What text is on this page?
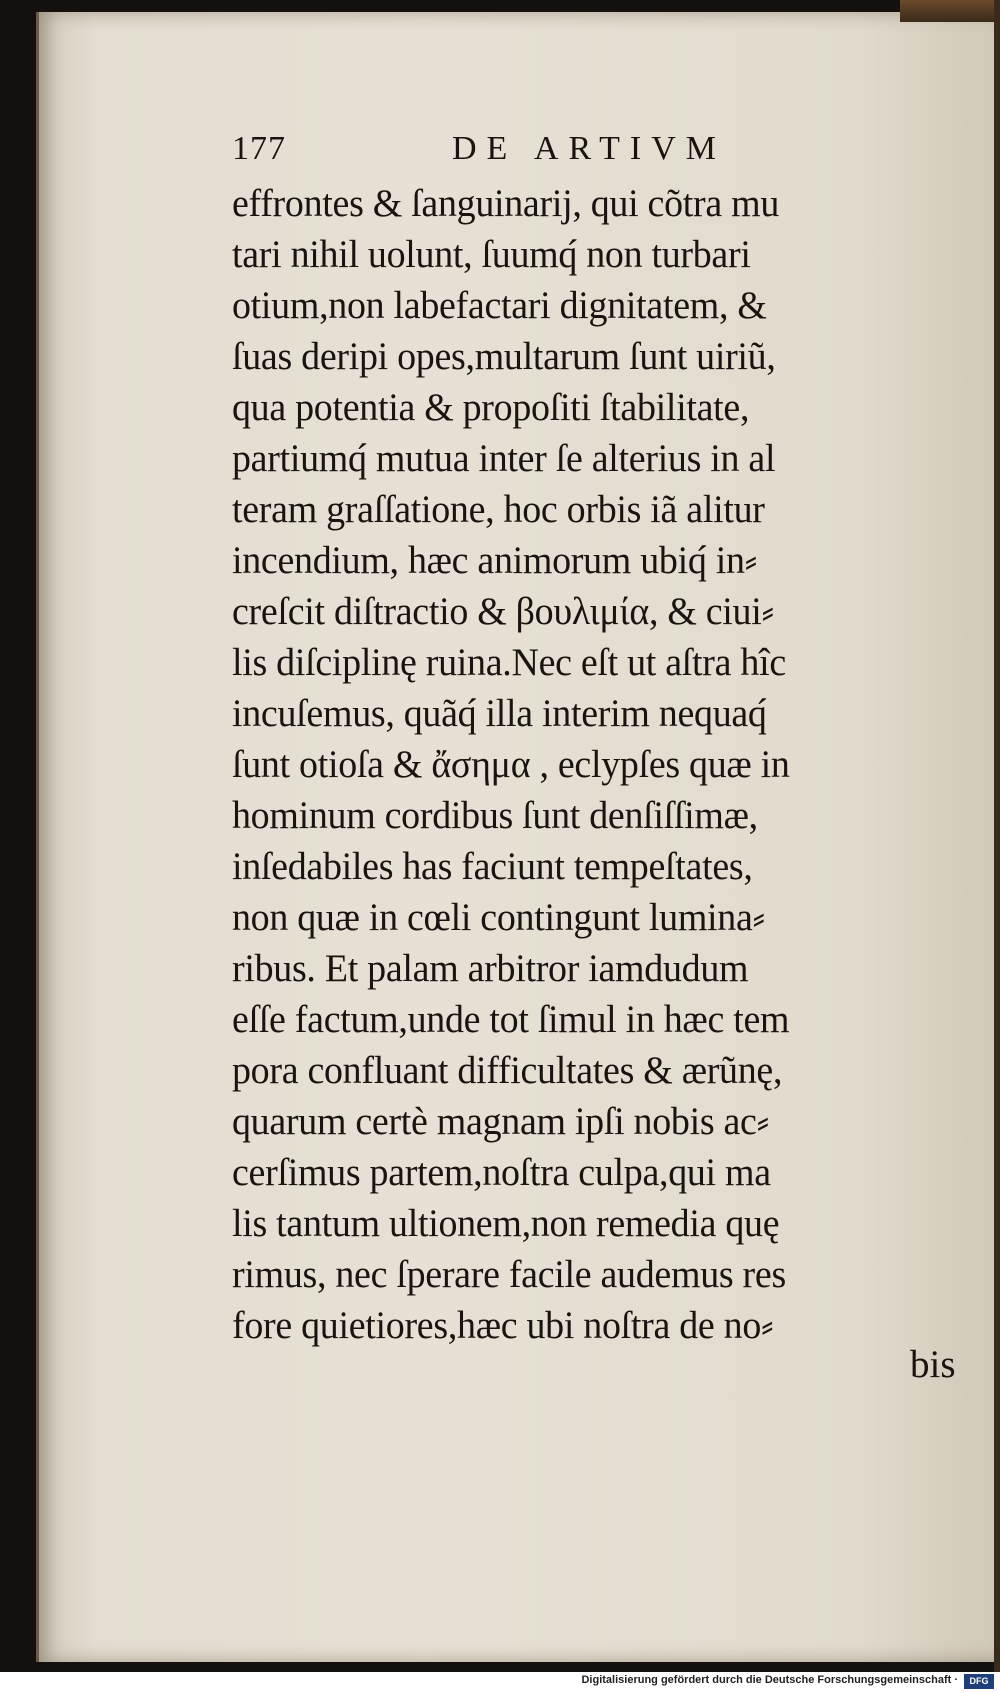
177	DE ARTIVM
effrontes & ſanguinarij, qui cõtra mu
tari nihil uolunt, ſuumq́ non turbari
otium,non labefactari dignitatem, &
ſuas deripi opes,multarum ſunt uiriũ,
qua potentia & propoſiti ſtabilitate,
partiumq́ mutua inter ſe alterius in al
teram graſſatione, hoc orbis iã alitur
incendium, hæc animorum ubiq́ in⸗
creſcit diſtractio & βουλιμία, & ciui⸗
lis diſciplinę ruina.Nec eſt ut aſtra hîc
incuſemus, quãq́ illa interim nequaq́
ſunt otioſa & ἄσημα , eclypſes quæ in
hominum cordibus ſunt denſiſſimæ,
inſedabiles has faciunt tempeſtates,
non quæ in cœli contingunt lumina⸗
ribus. Et palam arbitror iamdudum
eſſe factum,unde tot ſimul in hæc tem
pora confluant difficultates & ærũnę,
quarum certè magnam ipſi nobis ac⸗
cerſimus partem,noſtra culpa,qui ma
lis tantum ultionem,non remedia quę
rimus, nec ſperare facile audemus res
fore quietiores,hæc ubi noſtra de no⸗
bis
Digitalisierung gefördert durch die Deutsche Forschungsgemeinschaft ·	DFG
